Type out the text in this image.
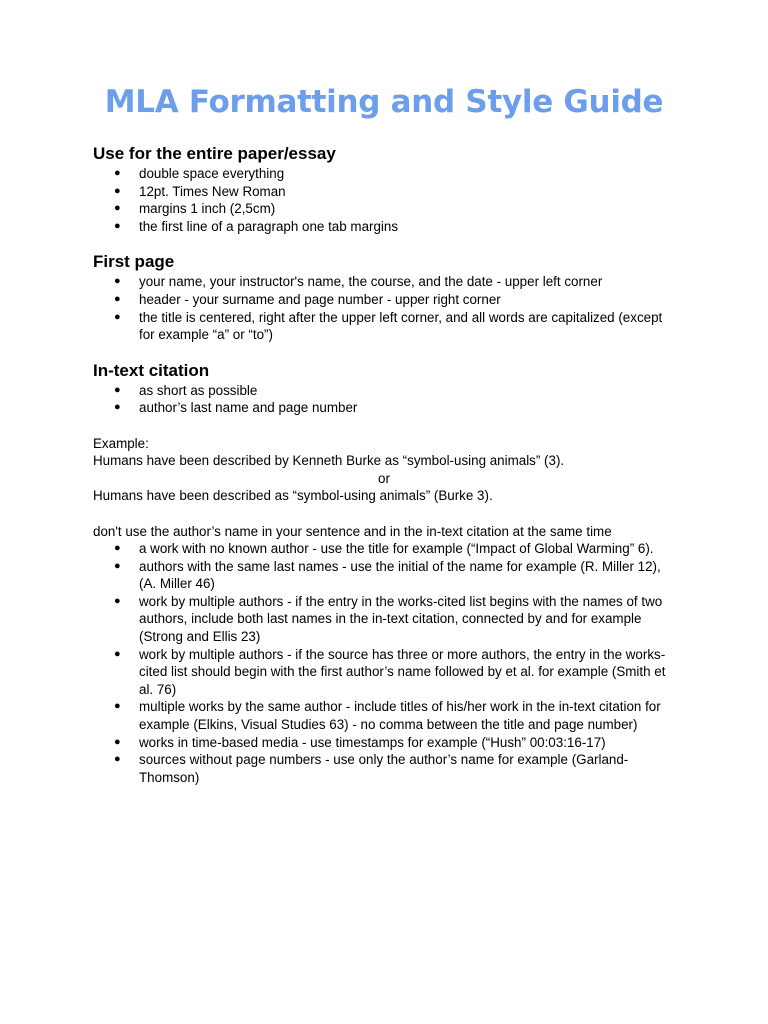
MLA Formatting and Style Guide
Use for the entire paper/essay
● double space everything
● 12pt. Times New Roman
● margins 1 inch (2,5cm)
● the first line of a paragraph one tab margins
First page
● your name, your instructor's name, the course, and the date - upper left corner
● header - your surname and page number - upper right corner
● the title is centered, right after the upper left corner, and all words are capitalized (except for example “a” or “to”)
In-text citation
● as short as possible
● author’s last name and page number

Example:

Humans have been described by Kenneth Burke as “symbol-using animals” (3).

or

Humans have been described as “symbol-using animals” (Burke 3).

don't use the author’s name in your sentence and in the in-text citation at the same time

● a work with no known author - use the title for example (“Impact of Global Warming” 6).
● authors with the same last names - use the initial of the name for example (R. Miller 12), (A. Miller 46)
● work by multiple authors - if the entry in the works-cited list begins with the names of two authors, include both last names in the in-text citation, connected by and for example (Strong and Ellis 23)
● work by multiple authors - if the source has three or more authors, the entry in the works-cited list should begin with the first author’s name followed by et al. for example (Smith et al. 76)
● multiple works by the same author - include titles of his/her work in the in-text citation for example (Elkins, Visual Studies 63) - no comma between the title and page number)
● works in time-based media - use timestamps for example (“Hush” 00:03:16-17)
● sources without page numbers - use only the author’s name for example (Garland-Thomson)
